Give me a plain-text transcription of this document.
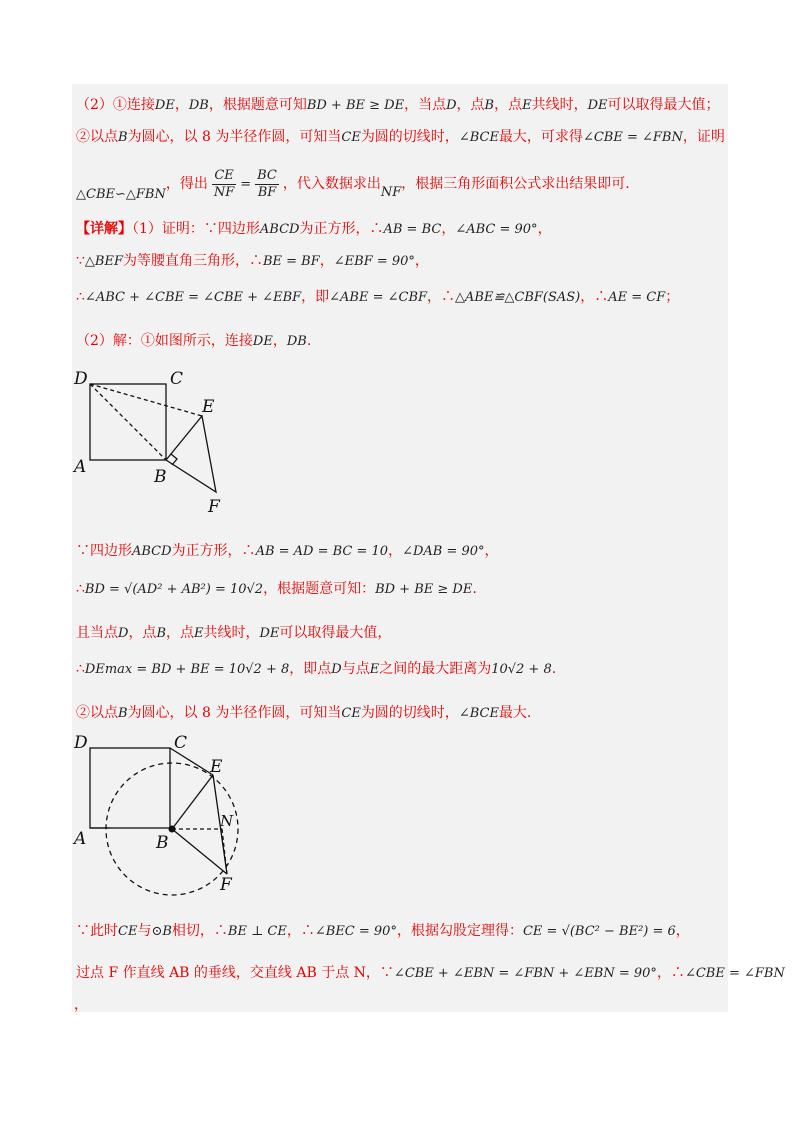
（2）①连接DE，DB，根据题意可知BD + BE ≥ DE，当点D，点B，点E共线时，DE可以取得最大值；
②以点B为圆心，以 8 为半径作圆，可知当CE为圆的切线时，∠BCE最大，可求得∠CBE = ∠FBN，证明
△CBE∽△FBN，得出 $\frac{CE}{NF} = \frac{BC}{BF}$ ，代入数据求出NF，根据三角形面积公式求出结果即可.
【详解】（1）证明：∵四边形ABCD为正方形，∴AB = BC，∠ABC = 90°，
∵△BEF为等腰直角三角形，∴BE = BF，∠EBF = 90°，
∴∠ABC + ∠CBE = ∠CBE + ∠EBF，即∠ABE = ∠CBF，∴△ABE≌△CBF(SAS)，∴AE = CF；
（2）解：①如图所示，连接DE，DB.
D	C
E
A	B
F
∵四边形ABCD为正方形，∴AB = AD = BC = 10，∠DAB = 90°，
∴BD = √(AD² + AB²) = 10√2，根据题意可知：BD + BE ≥ DE.
且当点D，点B，点E共线时，DE可以取得最大值，
∴DEmax = BD + BE = 10√2 + 8，即点D与点E之间的最大距离为10√2 + 8.
②以点B为圆心，以 8 为半径作圆，可知当CE为圆的切线时，∠BCE最大.
D	C
E
N
A	B
F
∵此时CE与⊙B相切，∴BE ⊥ CE，∴∠BEC = 90°，根据勾股定理得：CE = √(BC² − BE²) = 6，
过点 F 作直线 AB 的垂线，交直线 AB 于点 N，∵∠CBE + ∠EBN = ∠FBN + ∠EBN = 90°，∴∠CBE = ∠FBN
，
